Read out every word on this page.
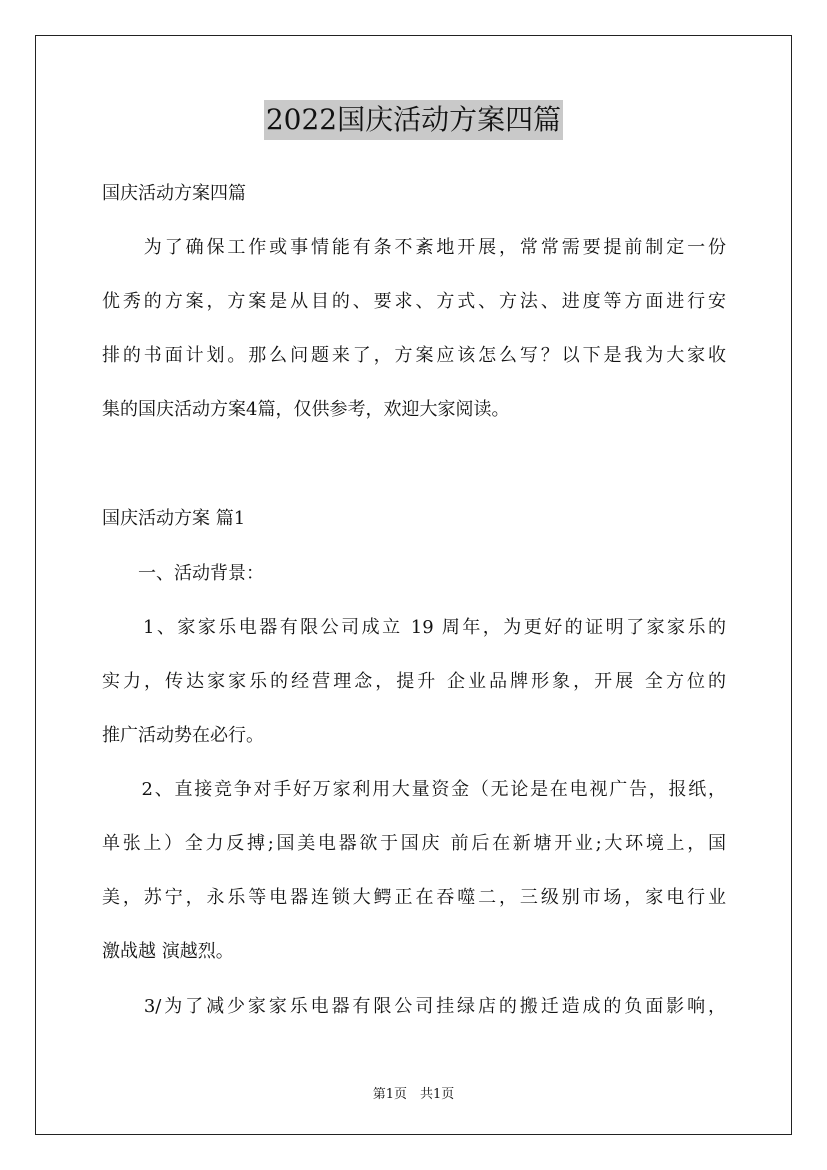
2022国庆活动方案四篇
国庆活动方案四篇
　　为了确保工作或事情能有条不紊地开展，常常需要提前制定一份
优秀的方案，方案是从目的、要求、方式、方法、进度等方面进行安
排的书面计划。那么问题来了，方案应该怎么写？以下是我为大家收
集的国庆活动方案4篇，仅供参考，欢迎大家阅读。
国庆活动方案 篇1
　　一、活动背景：
　　1、家家乐电器有限公司成立 19 周年，为更好的证明了家家乐的
实力，传达家家乐的经营理念，提升 企业品牌形象，开展 全方位的
推广活动势在必行。
　　2、直接竞争对手好万家利用大量资金（无论是在电视广告，报纸，
单张上）全力反搏;国美电器欲于国庆 前后在新塘开业;大环境上，国
美，苏宁，永乐等电器连锁大鳄正在吞噬二，三级别市场，家电行业
激战越 演越烈。
　　3/为了减少家家乐电器有限公司挂绿店的搬迁造成的负面影响，
第1页　共1页
